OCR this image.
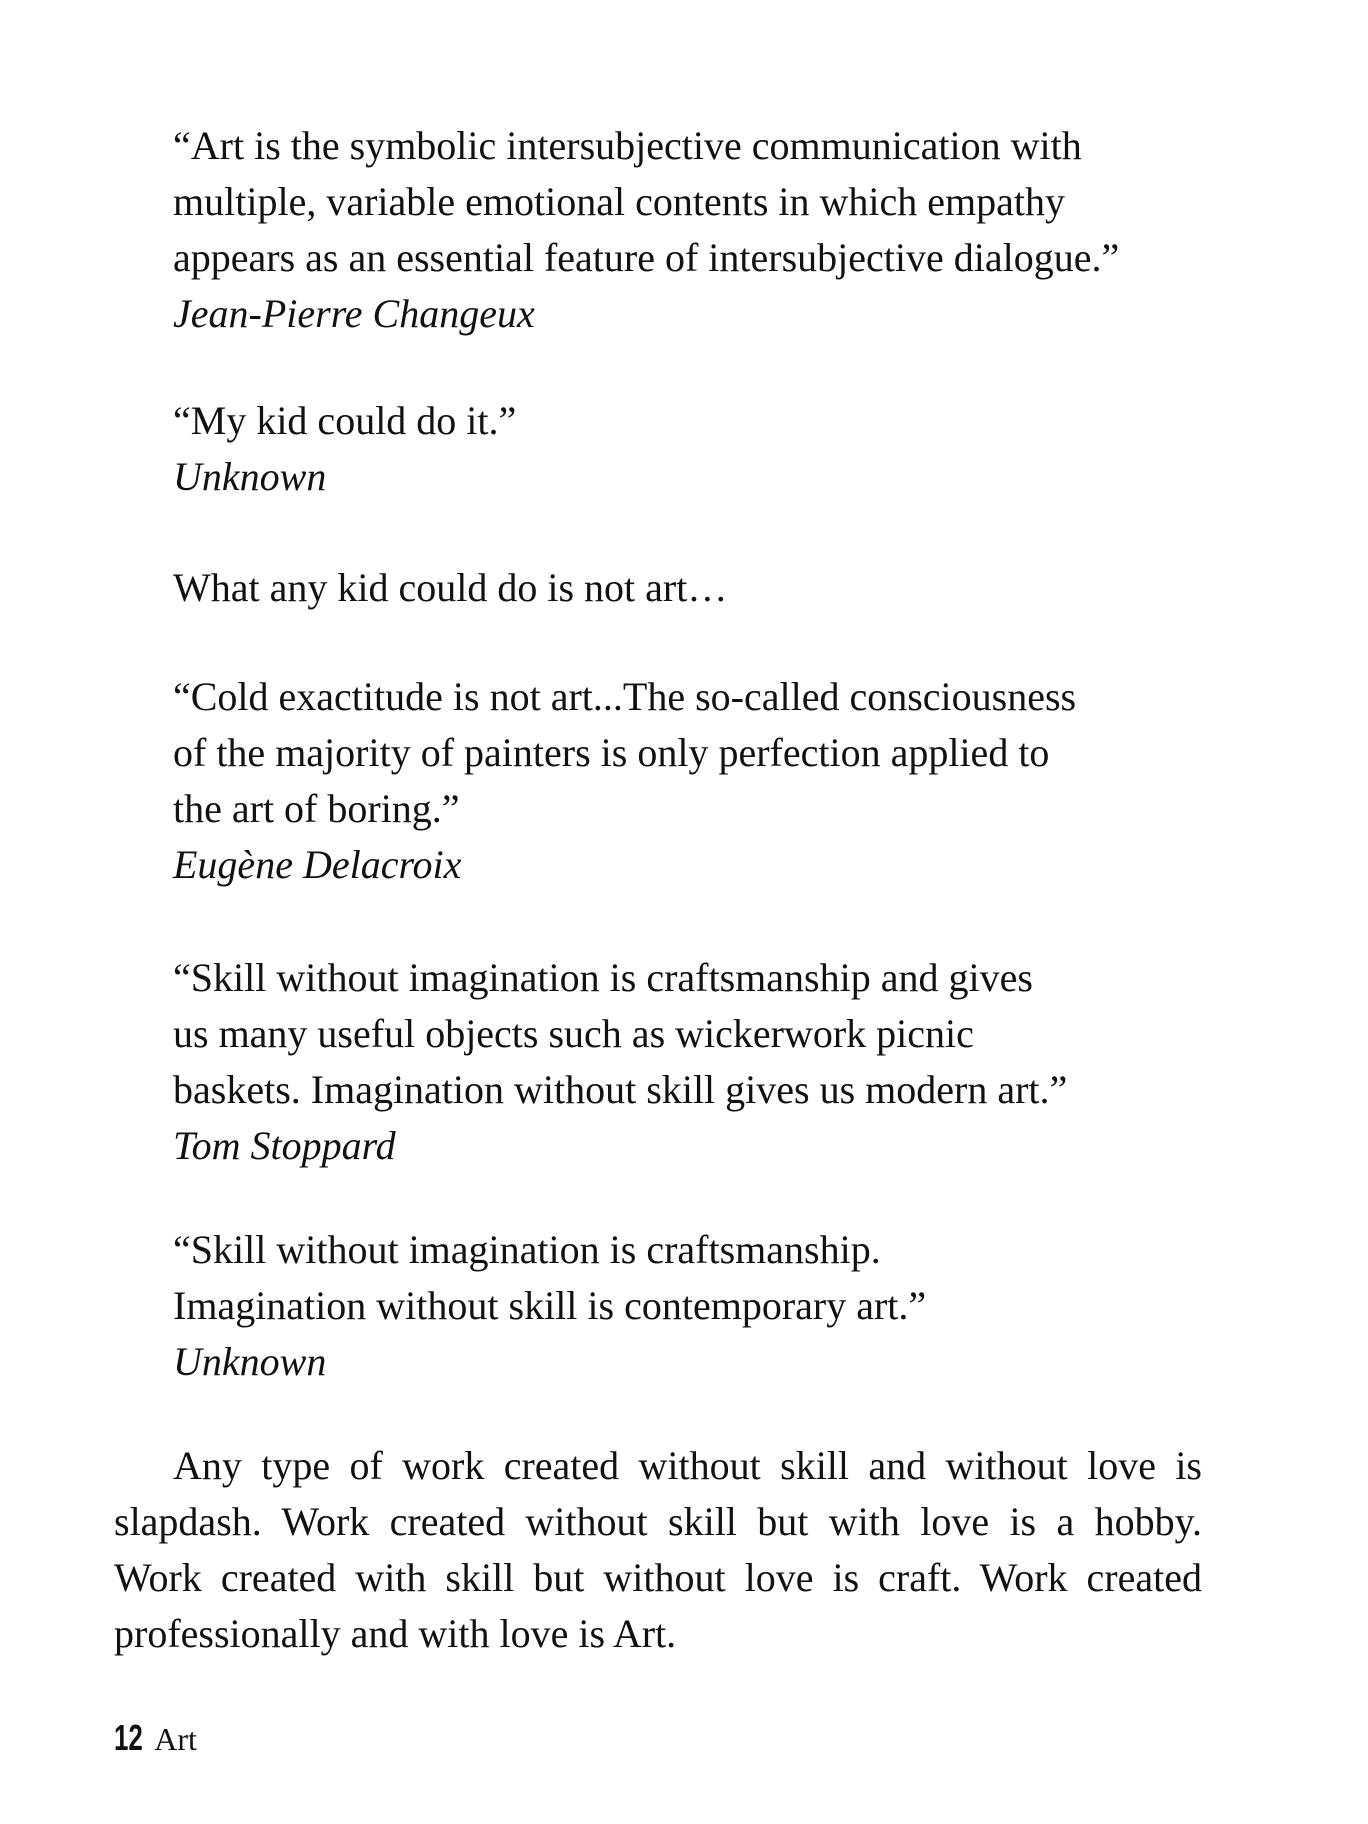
“Art is the symbolic intersubjective communication with
multiple, variable emotional contents in which empathy
appears as an essential feature of intersubjective dialogue.”
Jean-Pierre Changeux
“My kid could do it.”
Unknown
What any kid could do is not art…
“Cold exactitude is not art...The so-called consciousness
of the majority of painters is only perfection applied to
the art of boring.”
Eugène Delacroix
“Skill without imagination is craftsmanship and gives
us many useful objects such as wickerwork picnic
baskets. Imagination without skill gives us modern art.”
Tom Stoppard
“Skill without imagination is craftsmanship.
Imagination without skill is contemporary art.”
Unknown
Any type of work created without skill and without love is
slapdash. Work created without skill but with love is a hobby.
Work created with skill but without love is craft. Work created
professionally and with love is Art.
12 Art
